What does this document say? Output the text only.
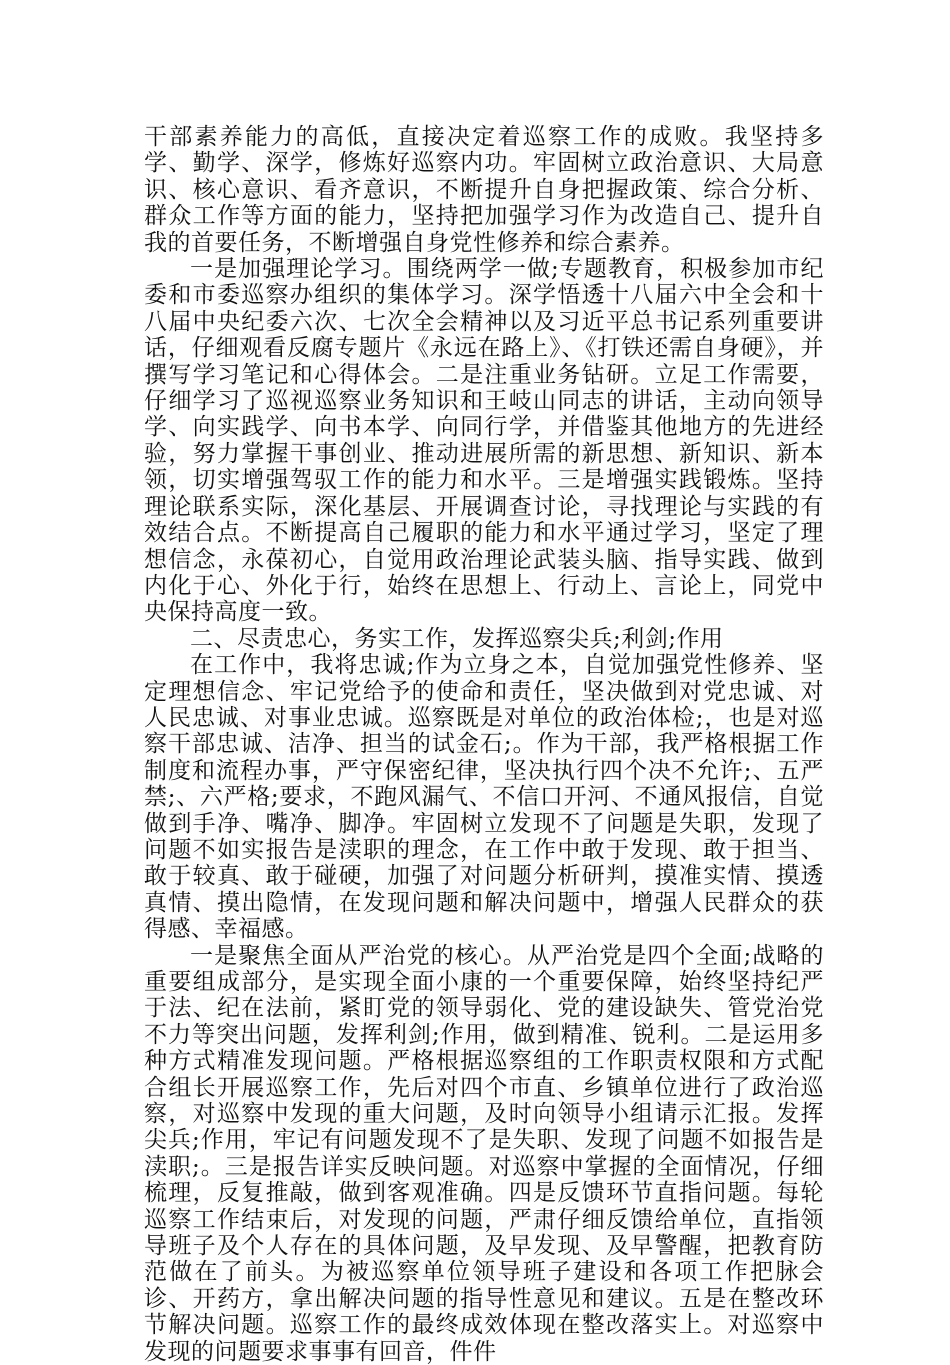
干部素养能力的高低，直接决定着巡察工作的成败。我坚持多学、勤学、深学，修炼好巡察内功。牢固树立政治意识、大局意识、核心意识、看齐意识，不断提升自身把握政策、综合分析、群众工作等方面的能力，坚持把加强学习作为改造自己、提升自我的首要任务，不断增强自身党性修养和综合素养。

一是加强理论学习。围绕两学一做;专题教育，积极参加市纪委和市委巡察办组织的集体学习。深学悟透十八届六中全会和十八届中央纪委六次、七次全会精神以及习近平总书记系列重要讲话，仔细观看反腐专题片《永远在路上》、《打铁还需自身硬》，并撰写学习笔记和心得体会。二是注重业务钻研。立足工作需要，仔细学习了巡视巡察业务知识和王岐山同志的讲话，主动向领导学、向实践学、向书本学、向同行学，并借鉴其他地方的先进经验，努力掌握干事创业、推动进展所需的新思想、新知识、新本领，切实增强驾驭工作的能力和水平。三是增强实践锻炼。坚持理论联系实际，深化基层、开展调查讨论，寻找理论与实践的有效结合点。不断提高自己履职的能力和水平通过学习，坚定了理想信念，永葆初心，自觉用政治理论武装头脑、指导实践、做到内化于心、外化于行，始终在思想上、行动上、言论上，同党中央保持高度一致。

二、尽责忠心，务实工作，发挥巡察尖兵;利剑;作用

在工作中，我将忠诚;作为立身之本，自觉加强党性修养、坚定理想信念、牢记党给予的使命和责任，坚决做到对党忠诚、对人民忠诚、对事业忠诚。巡察既是对单位的政治体检;，也是对巡察干部忠诚、洁净、担当的试金石;。作为干部，我严格根据工作制度和流程办事，严守保密纪律，坚决执行四个决不允许;、五严禁;、六严格;要求，不跑风漏气、不信口开河、不通风报信，自觉做到手净、嘴净、脚净。牢固树立发现不了问题是失职，发现了问题不如实报告是渎职的理念，在工作中敢于发现、敢于担当、敢于较真、敢于碰硬，加强了对问题分析研判，摸准实情、摸透真情、摸出隐情，在发现问题和解决问题中，增强人民群众的获得感、幸福感。

一是聚焦全面从严治党的核心。从严治党是四个全面;战略的重要组成部分，是实现全面小康的一个重要保障，始终坚持纪严于法、纪在法前，紧盯党的领导弱化、党的建设缺失、管党治党不力等突出问题，发挥利剑;作用，做到精准、锐利。二是运用多种方式精准发现问题。严格根据巡察组的工作职责权限和方式配合组长开展巡察工作，先后对四个市直、乡镇单位进行了政治巡察，对巡察中发现的重大问题，及时向领导小组请示汇报。发挥尖兵;作用，牢记有问题发现不了是失职、发现了问题不如报告是渎职;。三是报告详实反映问题。对巡察中掌握的全面情况，仔细梳理，反复推敲，做到客观准确。四是反馈环节直指问题。每轮巡察工作结束后，对发现的问题，严肃仔细反馈给单位，直指领导班子及个人存在的具体问题，及早发现、及早警醒，把教育防范做在了前头。为被巡察单位领导班子建设和各项工作把脉会诊、开药方，拿出解决问题的指导性意见和建议。五是在整改环节解决问题。巡察工作的最终成效体现在整改落实上。对巡察中发现的问题要求事事有回音，件件
